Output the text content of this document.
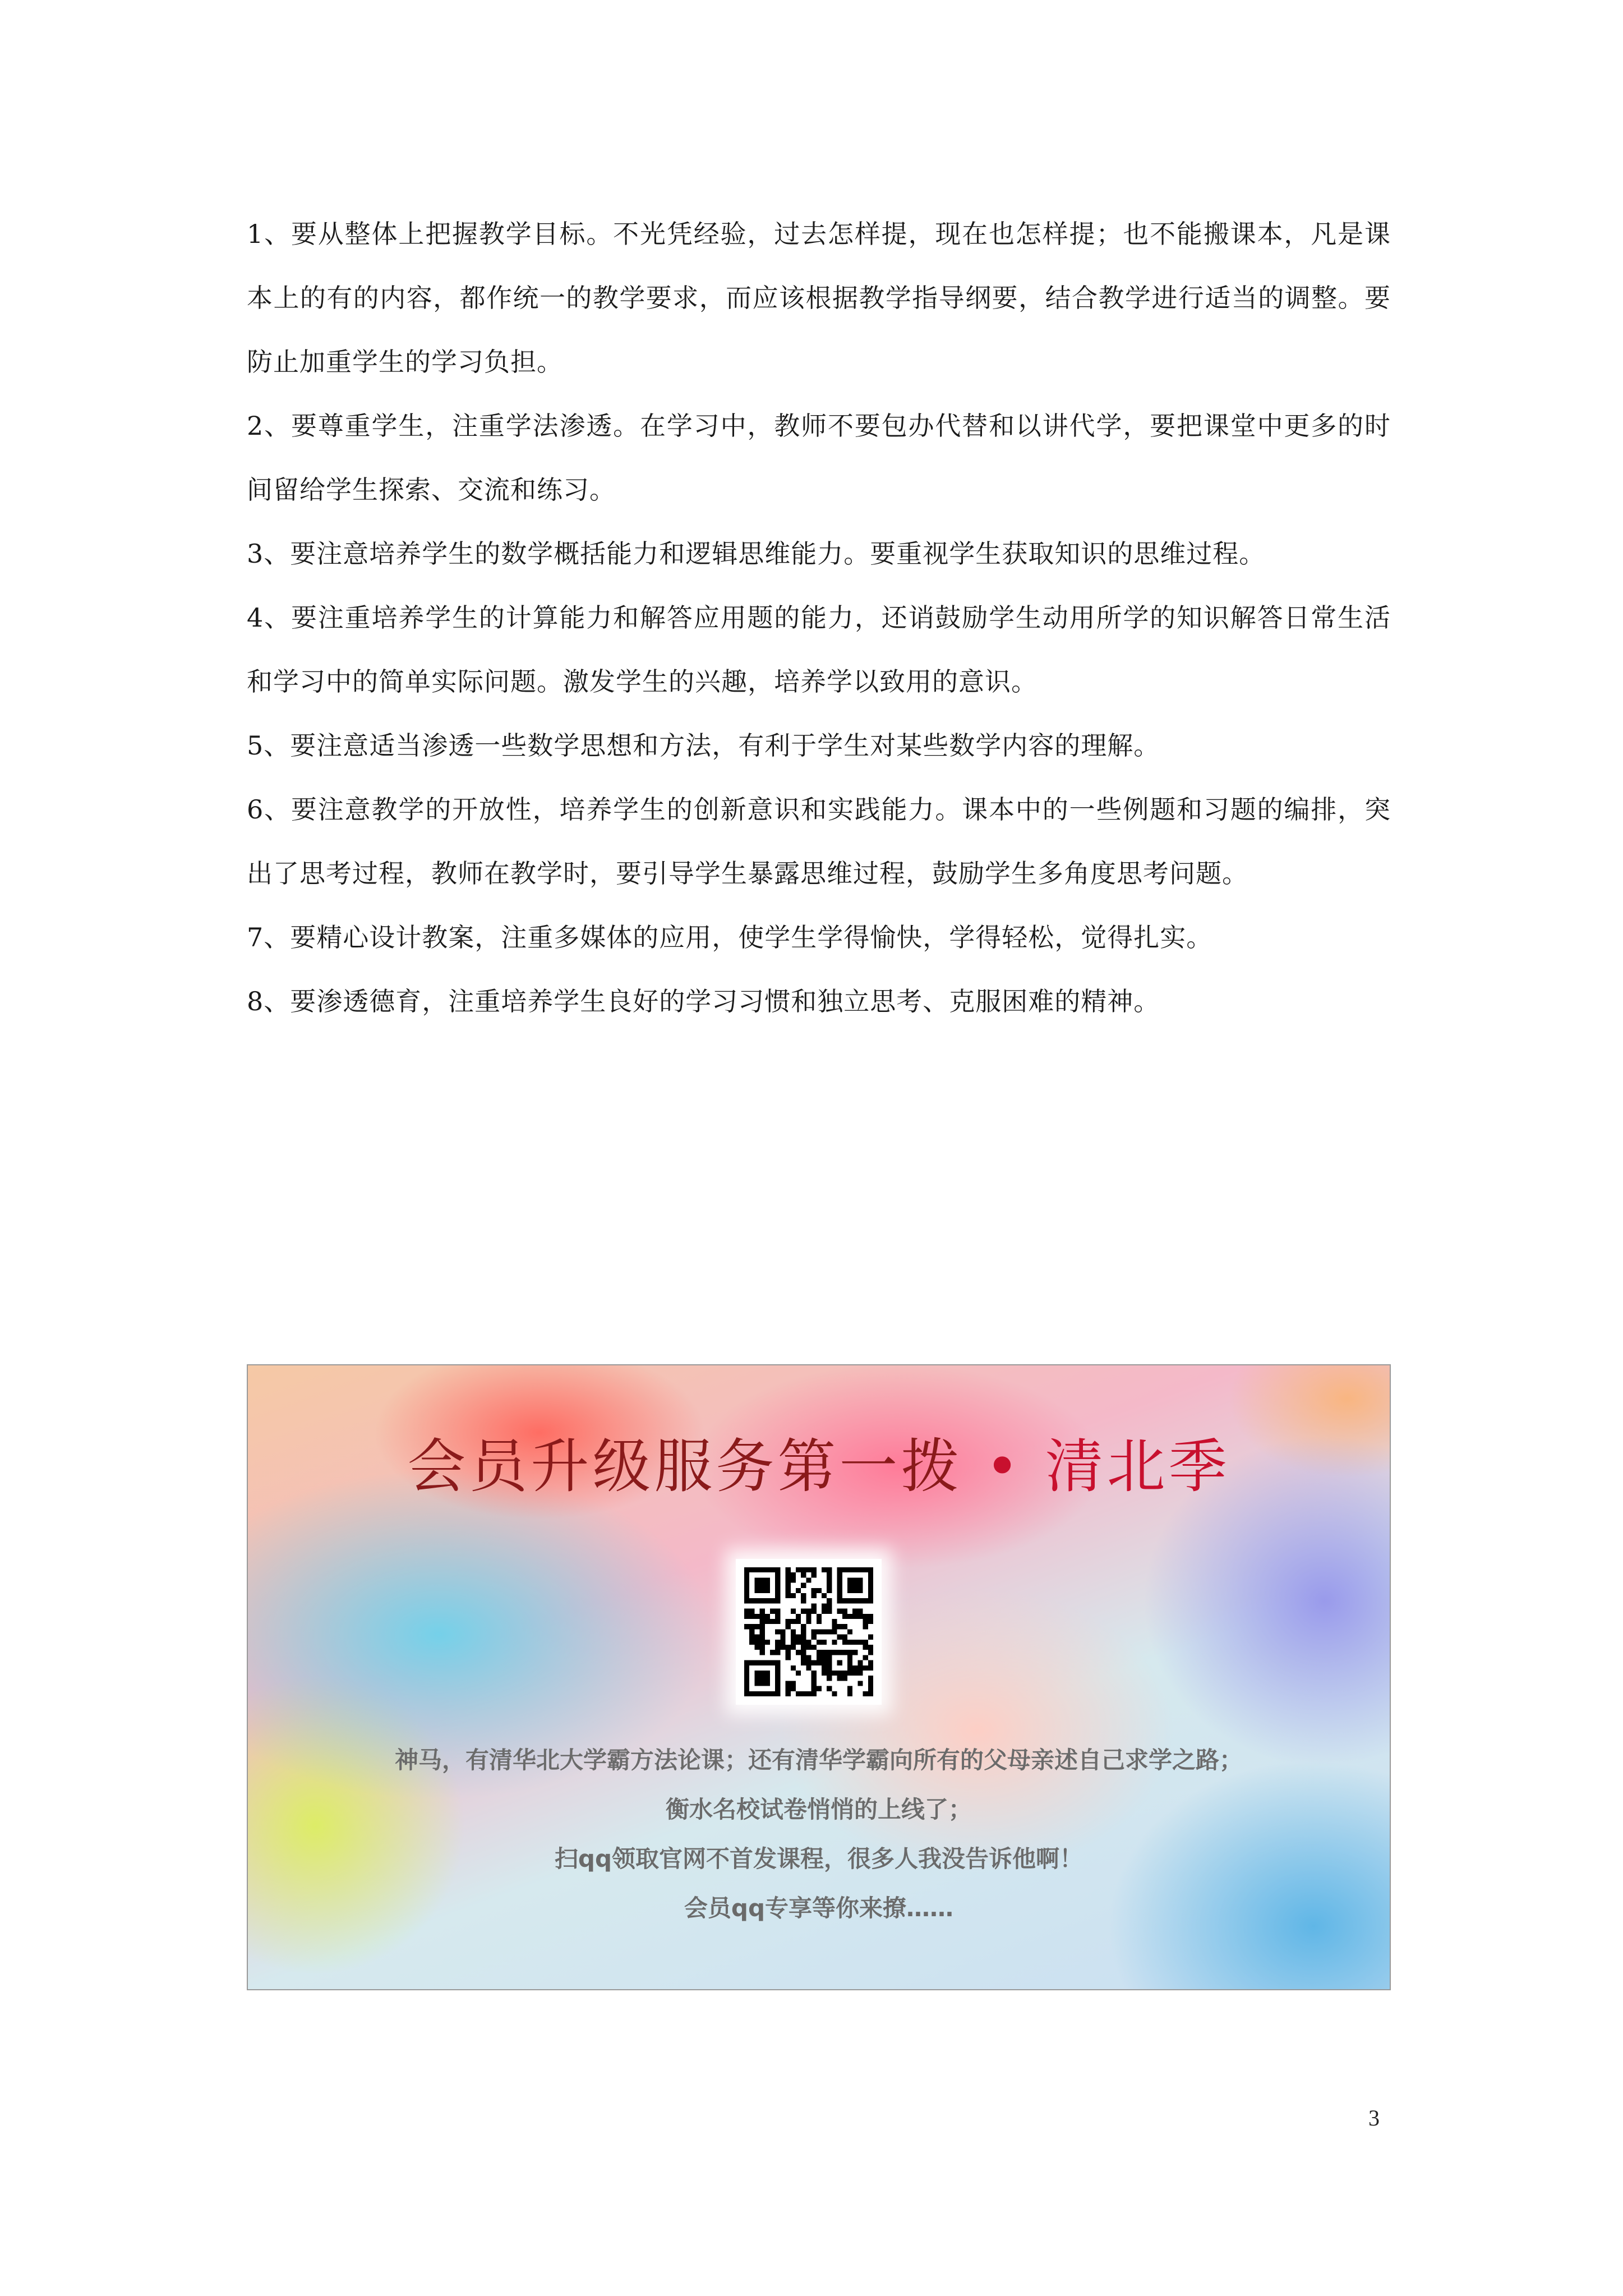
1、要从整体上把握教学目标。不光凭经验，过去怎样提，现在也怎样提；也不能搬课本，凡是课本上的有的内容，都作统一的教学要求，而应该根据教学指导纲要，结合教学进行适当的调整。要防止加重学生的学习负担。

2、要尊重学生，注重学法渗透。在学习中，教师不要包办代替和以讲代学，要把课堂中更多的时间留给学生探索、交流和练习。

3、要注意培养学生的数学概括能力和逻辑思维能力。要重视学生获取知识的思维过程。

4、要注重培养学生的计算能力和解答应用题的能力，还诮鼓励学生动用所学的知识解答日常生活和学习中的简单实际问题。激发学生的兴趣，培养学以致用的意识。

5、要注意适当渗透一些数学思想和方法，有利于学生对某些数学内容的理解。

6、要注意教学的开放性，培养学生的创新意识和实践能力。课本中的一些例题和习题的编排，突出了思考过程，教师在教学时，要引导学生暴露思维过程，鼓励学生多角度思考问题。

7、要精心设计教案，注重多媒体的应用，使学生学得愉快，学得轻松，觉得扎实。

8、要渗透德育，注重培养学生良好的学习习惯和独立思考、克服困难的精神。

会员升级服务第一拨 • 清北季
神马，有清华北大学霸方法论课；还有清华学霸向所有的父母亲述自己求学之路；
衡水名校试卷悄悄的上线了；
扫qq领取官网不首发课程，很多人我没告诉他啊！
会员qq专享等你来撩……
3
